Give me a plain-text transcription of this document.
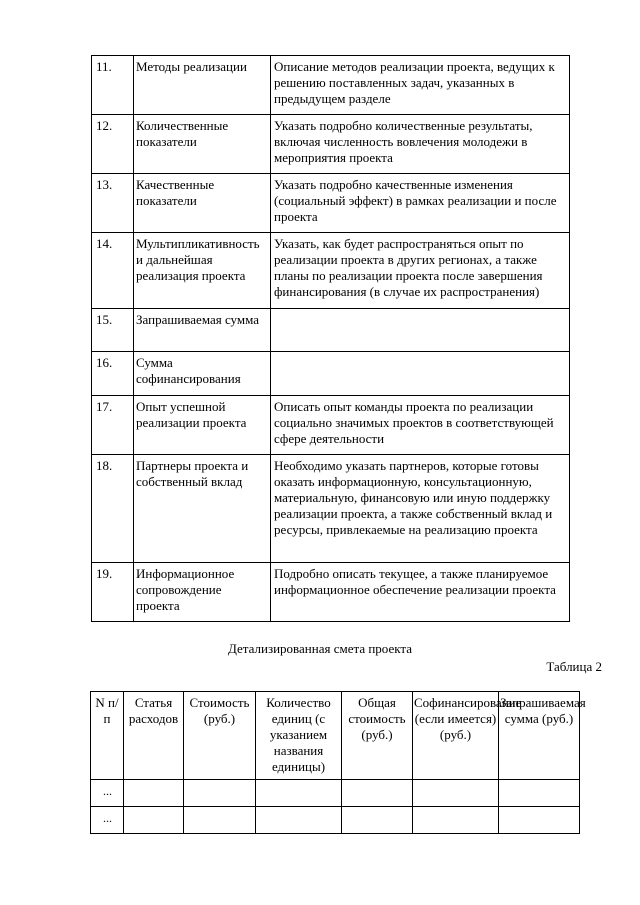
11.	Методы реализации	Описание методов реализации проекта, ведущих к решению поставленных задач, указанных в предыдущем разделе
12.	Количественные показатели	Указать подробно количественные результаты, включая численность вовлечения молодежи в мероприятия проекта
13.	Качественные показатели	Указать подробно качественные изменения (социальный эффект) в рамках реализации и после проекта
14.	Мультипликативность и дальнейшая реализация проекта	Указать, как будет распространяться опыт по реализации проекта в других регионах, а также планы по реализации проекта после завершения финансирования (в случае их распространения)
15.	Запрашиваемая сумма	
16.	Сумма софинансирования	
17.	Опыт успешной реализации проекта	Описать опыт команды проекта по реализации социально значимых проектов в соответствующей сфере деятельности
18.	Партнеры проекта и собственный вклад	Необходимо указать партнеров, которые готовы оказать информационную, консультационную, материальную, финансовую или иную поддержку реализации проекта, а также собственный вклад и ресурсы, привлекаемые на реализацию проекта
19.	Информационное сопровождение проекта	Подробно описать текущее, а также планируемое информационное обеспечение реализации проекта
Детализированная смета проекта
Таблица 2
N п/п	Статья расходов	Стоимость (руб.)	Количество единиц (с указанием названия единицы)	Общая стоимость (руб.)	Софинансирование (если имеется) (руб.)	Запрашиваемая сумма (руб.)
...						
...						
